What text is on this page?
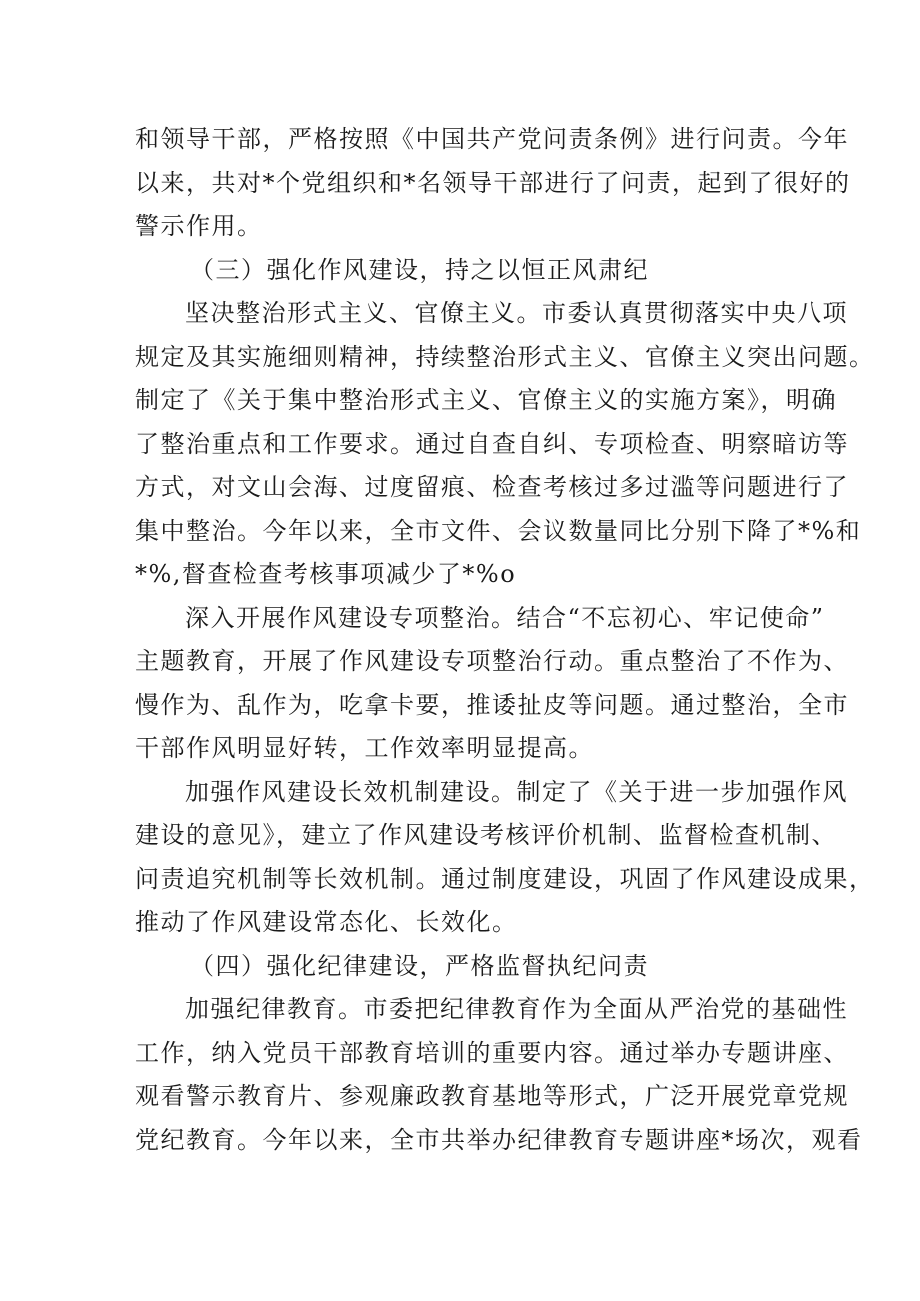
和领导干部，严格按照《中国共产党问责条例》进行问责。今年
以来，共对*个党组织和*名领导干部进行了问责，起到了很好的
警示作用。
（三）强化作风建设，持之以恒正风肃纪
坚决整治形式主义、官僚主义。市委认真贯彻落实中央八项
规定及其实施细则精神，持续整治形式主义、官僚主义突出问题。
制定了《关于集中整治形式主义、官僚主义的实施方案》，明确
了整治重点和工作要求。通过自查自纠、专项检查、明察暗访等
方式，对文山会海、过度留痕、检查考核过多过滥等问题进行了
集中整治。今年以来，全市文件、会议数量同比分别下降了*%和
*%,督查检查考核事项减少了*%o
深入开展作风建设专项整治。结合“不忘初心、牢记使命”
主题教育，开展了作风建设专项整治行动。重点整治了不作为、
慢作为、乱作为，吃拿卡要，推诿扯皮等问题。通过整治，全市
干部作风明显好转，工作效率明显提高。
加强作风建设长效机制建设。制定了《关于进一步加强作风
建设的意见》，建立了作风建设考核评价机制、监督检查机制、
问责追究机制等长效机制。通过制度建设，巩固了作风建设成果，
推动了作风建设常态化、长效化。
（四）强化纪律建设，严格监督执纪问责
加强纪律教育。市委把纪律教育作为全面从严治党的基础性
工作，纳入党员干部教育培训的重要内容。通过举办专题讲座、
观看警示教育片、参观廉政教育基地等形式，广泛开展党章党规
党纪教育。今年以来，全市共举办纪律教育专题讲座*场次，观看
